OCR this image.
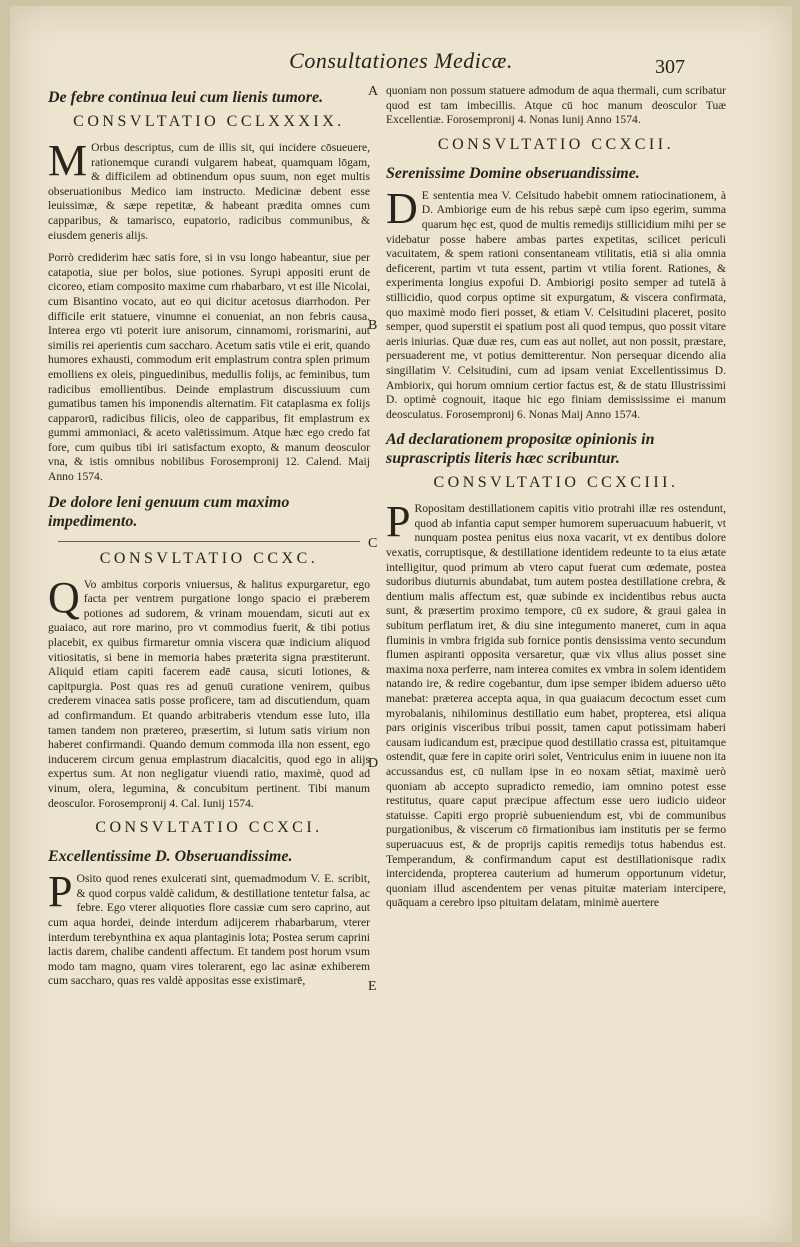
Consultationes Medicæ.	307
A
B
C
D
E
De febre continua leui cum lienis tumore.
CONSVLTATIO CCLXXXIX.

M Orbus descriptus, cum de illis sit, qui incidere cōsueuere, rationemque curandi vulgarem habeat, quamquam lōgam, & difficilem ad obtinendum opus suum, non eget multis obseruationibus Medico iam instructo. Medicinæ debent esse leuissimæ, & sæpe repetitæ, & habeant prædita omnes cum capparibus, & tamarisco, eupatorio, radicibus communibus, & eiusdem generis alijs.

Porrò crediderim hæc satis fore, si in vsu longo habeantur, siue per catapotia, siue per bolos, siue potiones. Syrupi appositi erunt de cicoreo, etiam composito maxime cum rhabarbaro, vt est ille Nicolai, cum Bisantino vocato, aut eo qui dicitur acetosus diarrhodon. Per difficile erit statuere, vinumne ei conueniat, an non febris causa. Interea ergo vti poterit iure anisorum, cinnamomi, rorismarini, aut similis rei aperientis cum saccharo. Acetum satis vtile ei erit, quando humores exhausti, commodum erit emplastrum contra splen primum emolliens ex oleis, pinguedinibus, medullis folijs, ac feminibus, tum radicibus emollientibus. Deinde emplastrum discussiuum cum gumatibus tamen his imponendis alternatim. Fit cataplasma ex folijs capparorū, radicibus filicis, oleo de capparibus, fit emplastrum ex gummi ammoniaci, & aceto valētissimum. Atque hæc ego credo fat fore, cum quibus tibi iri satisfactum exopto, & manum deosculor vna, & istis omnibus nobilibus Forosempronij 12. Calend. Maij Anno 1574.

De dolore leni genuum cum maximo impedimento.
CONSVLTATIO CCXC.

Q Vo ambitus corporis vniuersus, & halitus expurgaretur, ego facta per ventrem purgatione longo spacio ei præberem potiones ad sudorem, & vrinam mouendam, sicuti aut ex guaiaco, aut rore marino, pro vt commodius fuerit, & tibi potius placebit, ex quibus firmaretur omnia viscera quæ indicium aliquod vitiositatis, si bene in memoria habes præterita signa præstiterunt. Aliquid etiam capiti facerem eadē causa, sicuti lotiones, & capitpurgia. Post quas res ad genuū curatione venirem, quibus crederem vinacea satis posse proficere, tam ad discutiendum, quam ad confirmandum. Et quando arbitraberis vtendum esse luto, illa tamen tandem non prætereo, præsertim, si lutum satis virium non haberet confirmandi. Quando demum commoda illa non essent, ego inducerem circum genua emplastrum diacalcitis, quod ego in alijs expertus sum. At non negligatur viuendi ratio, maximè, quod ad vinum, olera, legumina, & concubitum pertinent. Tibi manum deosculor. Forosempronij 4. Cal. Iunij 1574.

CONSVLTATIO CCXCI.
Excellentissime D. Obseruandissime.

P Osito quod renes exulcerati sint, quemadmodum V. E. scribit, & quod corpus valdè calidum, & destillatione tentetur falsa, ac febre. Ego vterer aliquoties flore cassiæ cum sero caprino, aut cum aqua hordei, deinde interdum adijcerem rhabarbarum, vterer interdum terebynthina ex aqua plantaginis lota; Postea serum caprini lactis darem, chalibe candenti affectum. Et tandem post horum vsum modo tam magno, quam vires tolerarent, ego lac asinæ exhiberem cum saccharo, quas res valdè appositas esse existimarē,

quoniam non possum statuere admodum de aqua thermali, cum scribatur quod est tam imbecillis. Atque cū hoc manum deosculor Tuæ Excellentiæ. Forosempronij 4. Nonas Iunij Anno 1574.

CONSVLTATIO CCXCII.
Serenissime Domine obseruandissime.

D E sententia mea V. Celsitudo habebit omnem ratiocinationem, à D. Ambiorige eum de his rebus sæpè cum ipso egerim, summa quarum hęc est, quod de multis remedijs stillicidium mihi per se videbatur posse habere ambas partes expetitas, scilicet periculi vacuitatem, & spem rationi consentaneam vtilitatis, etiā si alia omnia deficerent, partim vt tuta essent, partim vt vtilia forent. Rationes, & experimenta longius expofui D. Ambiorigi posito semper ad tutelā à stillicidio, quod corpus optime sit expurgatum, & viscera confirmata, quo maximè modo fieri posset, & etiam V. Celsitudini placeret, posito semper, quod superstit ei spatium post ali quod tempus, quo possit vitare aeris iniurias. Quæ duæ res, cum eas aut nollet, aut non possit, præstare, persuaderent me, vt potius demitterentur. Non persequar dicendo alia singillatim V. Celsitudini, cum ad ipsam veniat Excellentissimus D. Ambiorix, qui horum omnium certior factus est, & de statu Illustrissimi D. optimè cognouit, itaque hic ego finiam demississime ei manum deosculatus. Forosempronij 6. Nonas Maij Anno 1574.

Ad declarationem propositæ opinionis in suprascriptis literis hæc scribuntur.
CONSVLTATIO CCXCIII.

P Ropositam destillationem capitis vitio protrahi illæ res ostendunt, quod ab infantia caput semper humorem superuacuum habuerit, vt nunquam postea penitus eius noxa vacarit, vt ex dentibus dolore vexatis, corruptisque, & destillatione identidem redeunte to ta eius ætate intelligitur, quod primum ab vtero caput fuerat cum œdemate, postea sudoribus diuturnis abundabat, tum autem postea destillatione crebra, & dentium malis affectum est, quæ subinde ex incidentibus rebus aucta sunt, & præsertim proximo tempore, cū ex sudore, & graui galea in subitum perflatum iret, & diu sine integumento maneret, cum in aqua fluminis in vmbra frigida sub fornice pontis densissima vento secundum flumen aspiranti opposita versaretur, quæ vix vllus alius posset sine maxima noxa perferre, nam interea comites ex vmbra in solem identidem natando ire, & redire cogebantur, dum ipse semper ibidem aduerso uēto manebat: præterea accepta aqua, in qua guaiacum decoctum esset cum myrobalanis, nihilominus destillatio eum habet, propterea, etsi aliqua pars originis visceribus tribui possit, tamen caput potissimam haberi causam iudicandum est, præcipue quod destillatio crassa est, pituitamque ostendit, quæ fere in capite oriri solet, Ventriculus enim in iuuene non ita accussandus est, cū nullam ipse in eo noxam sētiat, maximè uerò quoniam ab accepto supradicto remedio, iam omnino potest esse restitutus, quare caput præcipue affectum esse uero iudicio uideor statuisse. Capiti ergo propriè subueniendum est, vbi de communibus purgationibus, & viscerum cō firmationibus iam institutis per se fermo superuacuus est, & de proprijs capitis remedijs totus habendus est. Temperandum, & confirmandum caput est destillationisque radix intercidenda, propterea cauterium ad humerum opportunum videtur, quoniam illud ascendentem per venas pituitæ materiam intercipere, quāquam a cerebro ipso pituitam delatam, minimè auertere
